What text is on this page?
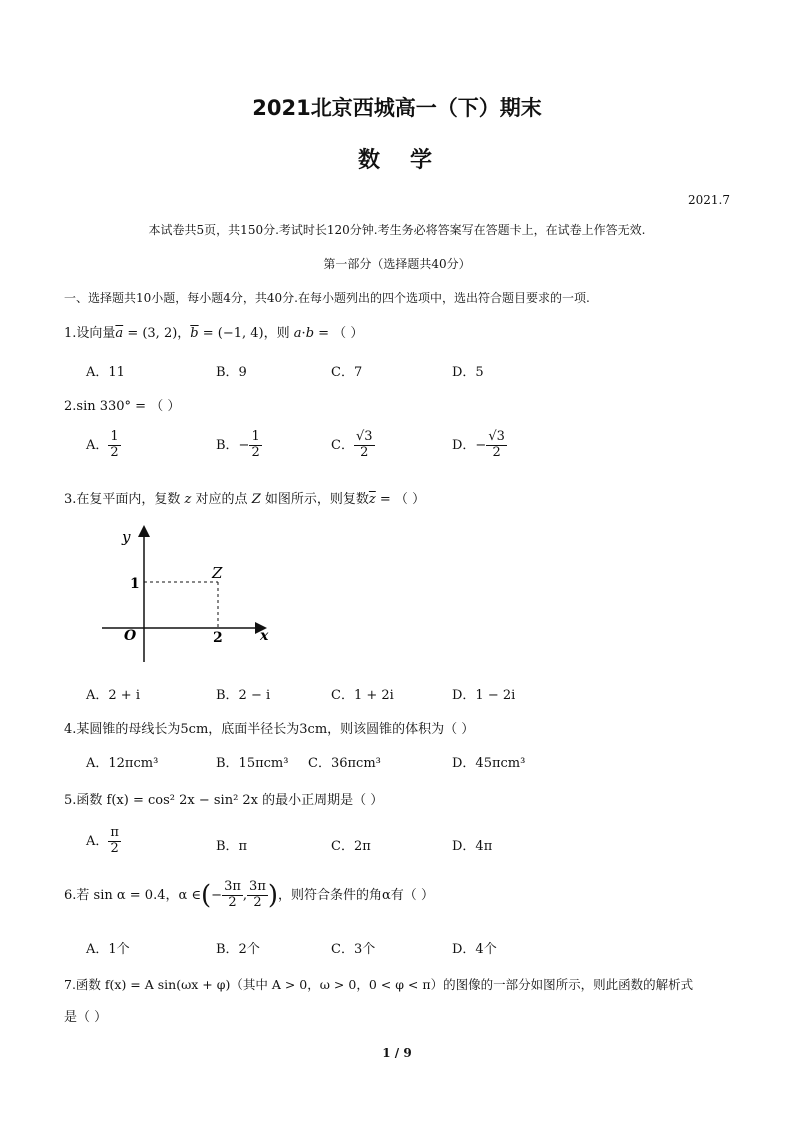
2021北京西城高一（下）期末
数　学
2021.7
本试卷共5页，共150分.考试时长120分钟.考生务必将答案写在答题卡上，在试卷上作答无效.
第一部分（选择题共40分）
一、选择题共10小题，每小题4分，共40分.在每小题列出的四个选项中，选出符合题目要求的一项.
1.设向量$\overline{a} = (3$, 2)，$\overline{b} = (-1$, 4)，则 a·b = （ ）
A．11	B．9	C．7	D．5
2.sin 330° = （ ）
A． $\frac{1}{2}$	B．− $\frac{1}{2}$	C． $\frac{√3}{2}$	D．− $\frac{√3}{2}$
3.在复平面内，复数 z 对应的点 Z 如图所示，则复数$\overline{z}$ = （ ）
y
x
O
1
2
Z
A．2 + i	B．2 − i	C．1 + 2i	D．1 − 2i
4.某圆锥的母线长为5cm，底面半径长为3cm，则该圆锥的体积为（ ）
A．12πcm³	B．15πcm³ C．36πcm³	D．45πcm³
5.函数 f(x) = cos² 2x − sin² 2x 的最小正周期是（ ）
A． $\frac{\pi}{2}$	B．π	C．2π	D．4π
6.若 sin α = 0.4，α ∈(− $\frac{3\pi}{2}$ , $\frac{3\pi}{2}$ )，则符合条件的角α有（ ）
A．1个	B．2个	C．3个	D．4个
7.函数 f(x) = A sin(ωx + φ)（其中 A > 0，ω > 0，0 < φ < π）的图像的一部分如图所示，则此函数的解析式
是（ ）
1 / 9
